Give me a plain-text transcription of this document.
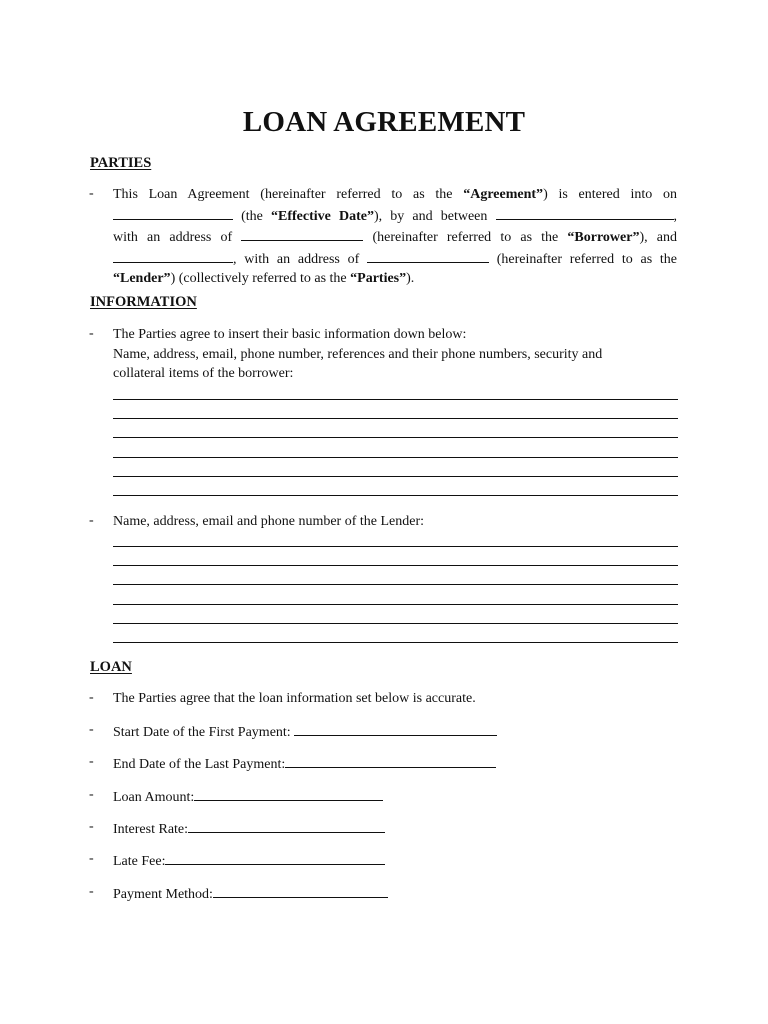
LOAN AGREEMENT
PARTIES
- This Loan Agreement (hereinafter referred to as the “Agreement”) is entered into on
(the “Effective Date”), by and between	,
with an address of	(hereinafter referred to as the “Borrower”), and
, with an address of	(hereinafter referred to as the
“Lender”) (collectively referred to as the “Parties”).
INFORMATION
- The Parties agree to insert their basic information down below:
Name, address, email, phone number, references and their phone numbers, security and
collateral items of the borrower:
- Name, address, email and phone number of the Lender:
LOAN
- The Parties agree that the loan information set below is accurate.
- Start Date of the First Payment:
- End Date of the Last Payment:
- Loan Amount:
- Interest Rate:
- Late Fee:
- Payment Method:
